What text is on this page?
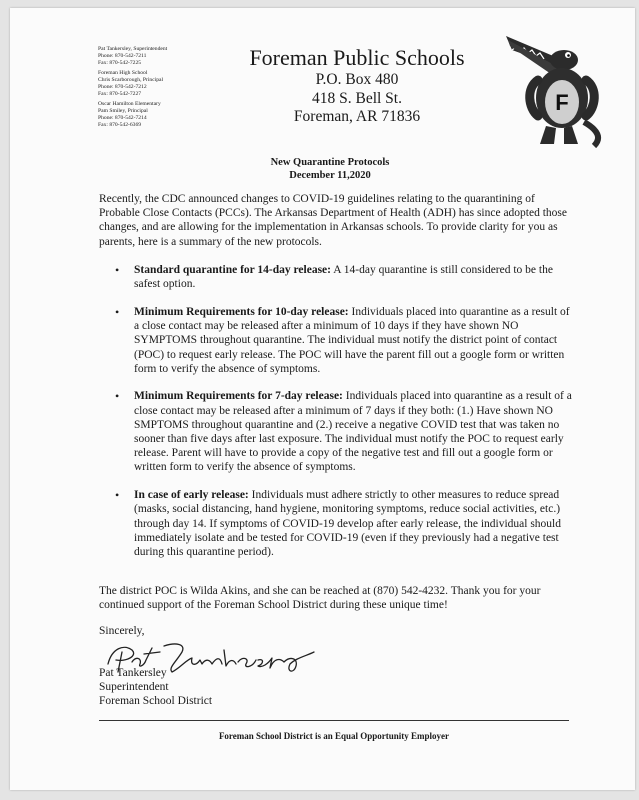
Pat Tankersley, Superintendent
Phone: 870-542-7211
Fax: 870-542-7225
Foreman High School
Chris Scarborough, Principal
Phone: 870-542-7212
Fax: 870-542-7227
Oscar Hamilton Elementary
Pam Smiley, Principal
Phone: 870-542-7214
Fax: 870-542-6369
Foreman Public Schools
P.O. Box 480
418 S. Bell St.
Foreman, AR 71836
F
New Quarantine Protocols
December 11,2020

Recently, the CDC announced changes to COVID-19 guidelines relating to the quarantining of Probable Close Contacts (PCCs). The Arkansas Department of Health (ADH) has since adopted those changes, and are allowing for the implementation in Arkansas schools. To provide clarity for you as parents, here is a summary of the new protocols.

• Standard quarantine for 14-day release: A 14-day quarantine is still considered to be the safest option.
• Minimum Requirements for 10-day release: Individuals placed into quarantine as a result of a close contact may be released after a minimum of 10 days if they have shown NO SYMPTOMS throughout quarantine. The individual must notify the district point of contact (POC) to request early release. The POC will have the parent fill out a google form or written form to verify the absence of symptoms.
• Minimum Requirements for 7-day release: Individuals placed into quarantine as a result of a close contact may be released after a minimum of 7 days if they both: (1.) Have shown NO SMPTOMS throughout quarantine and (2.) receive a negative COVID test that was taken no sooner than five days after last exposure. The individual must notify the POC to request early release. Parent will have to provide a copy of the negative test and fill out a google form or written form to verify the absence of symptoms.
• In case of early release: Individuals must adhere strictly to other measures to reduce spread (masks, social distancing, hand hygiene, monitoring symptoms, reduce social activities, etc.) through day 14. If symptoms of COVID-19 develop after early release, the individual should immediately isolate and be tested for COVID-19 (even if they previously had a negative test during this quarantine period).

The district POC is Wilda Akins, and she can be reached at (870) 542-4232. Thank you for your continued support of the Foreman School District during these unique time!

Sincerely,
Pat Tankersley
Superintendent
Foreman School District
Foreman School District is an Equal Opportunity Employer
